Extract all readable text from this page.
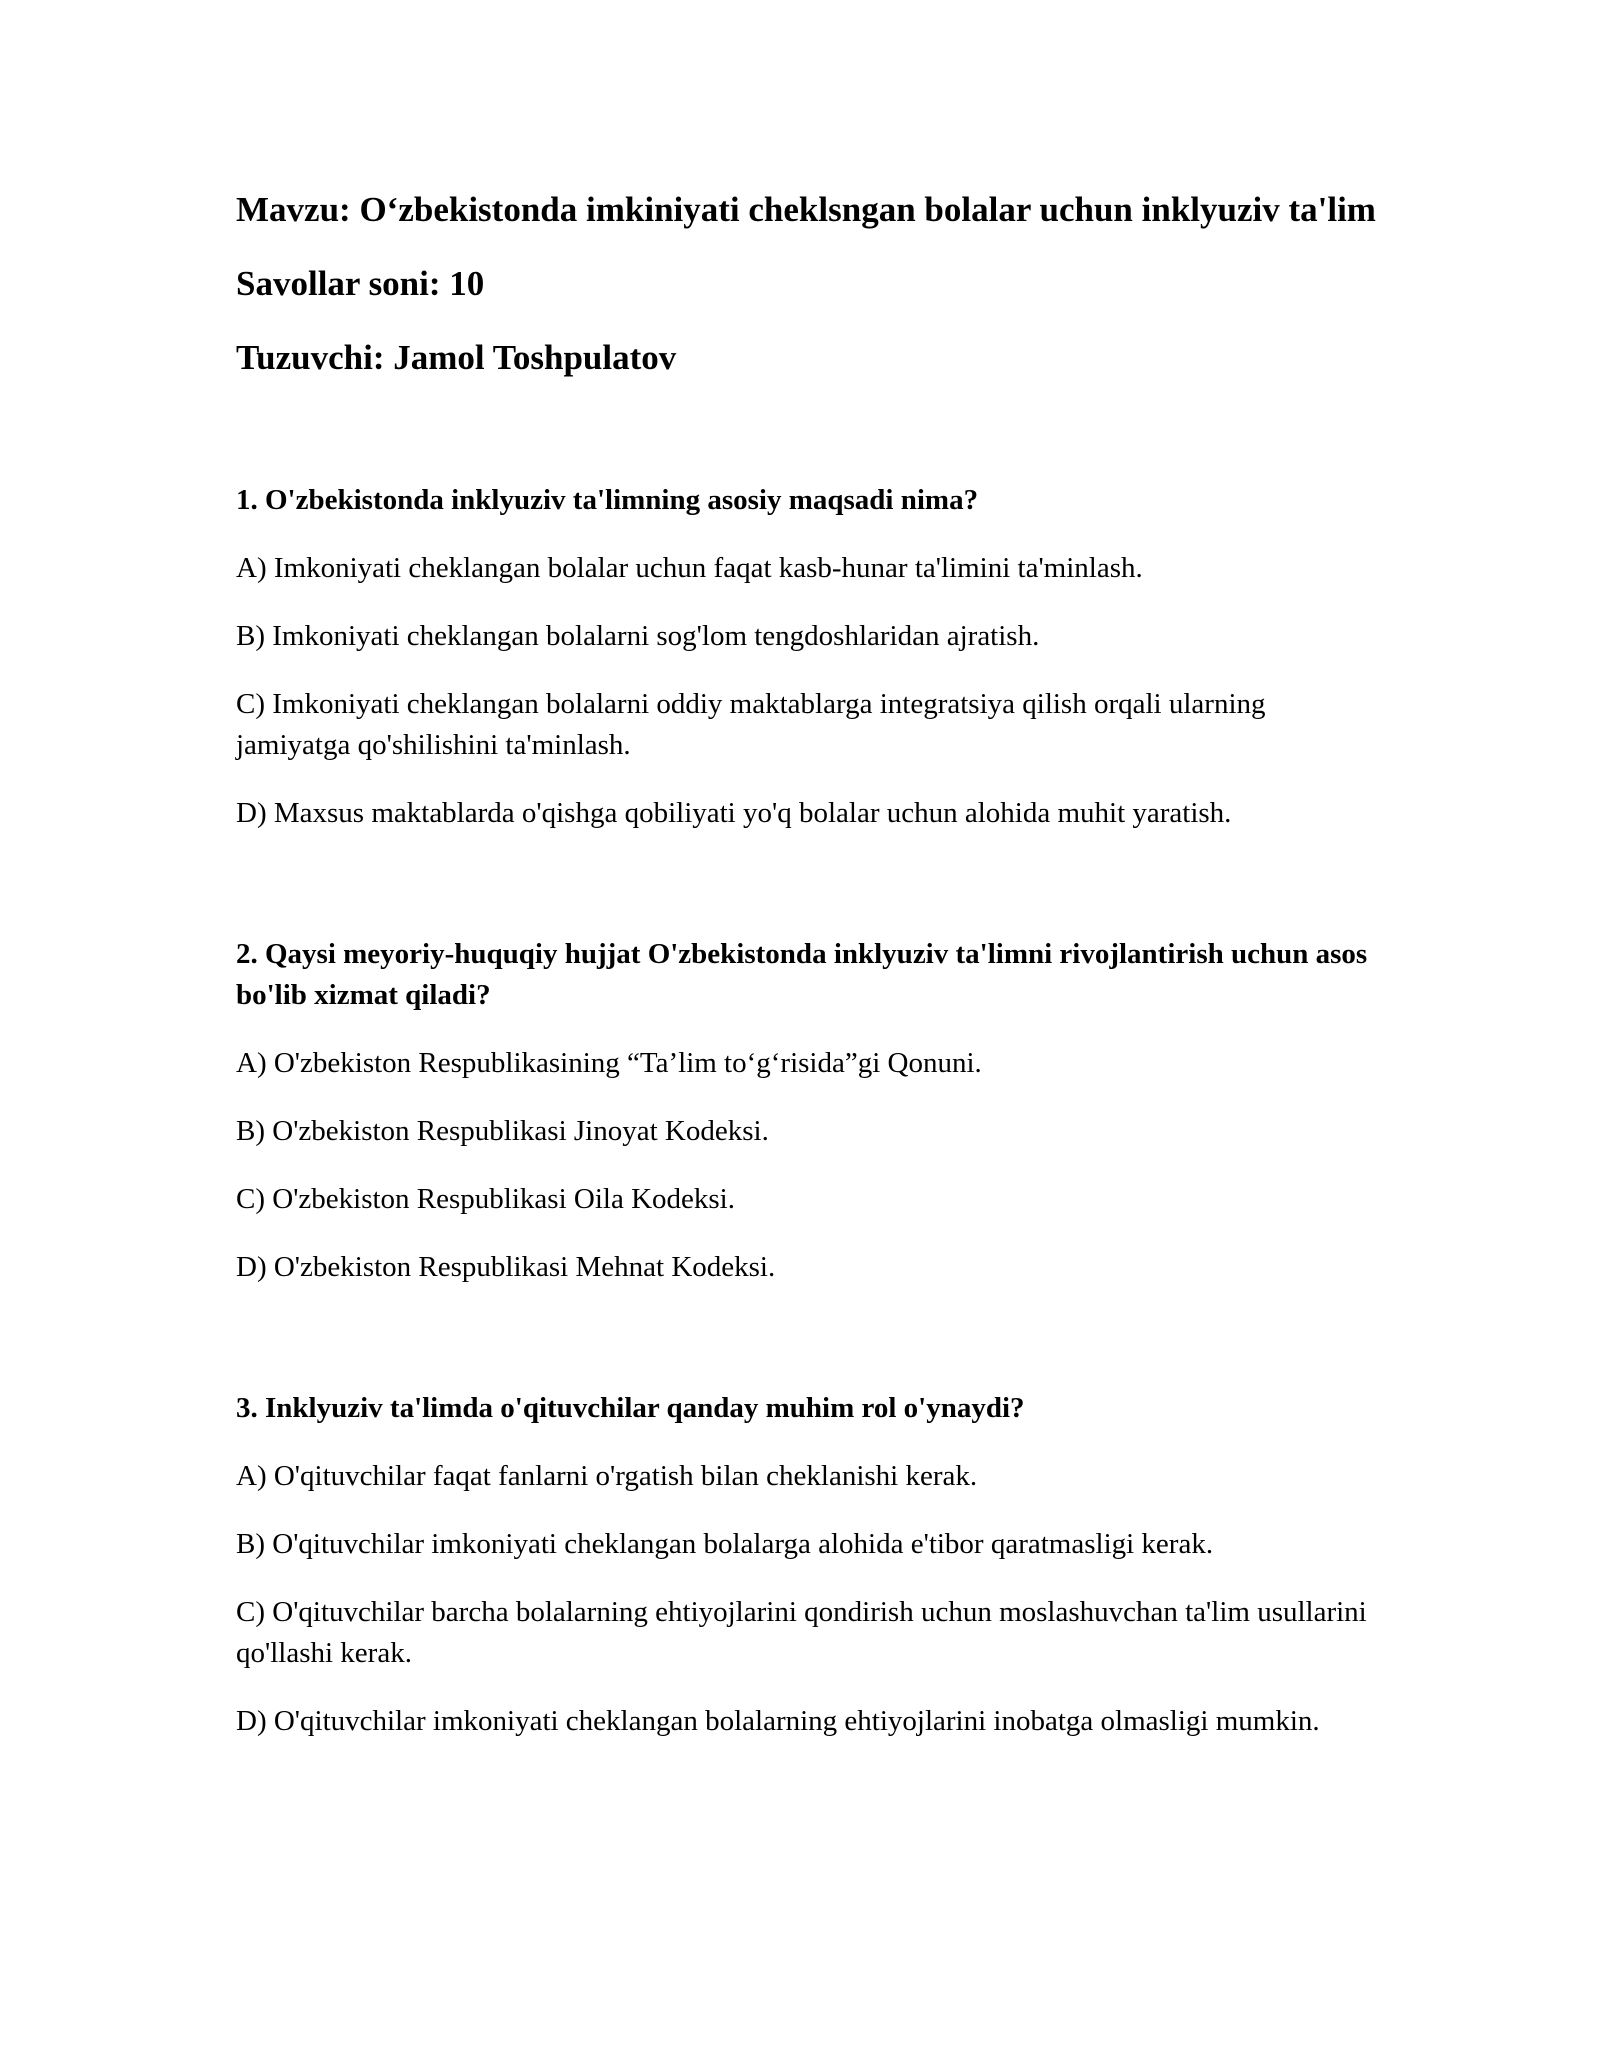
Mavzu: O‘zbekistonda imkiniyati cheklsngan bolalar uchun inklyuziv ta'lim

Savollar soni: 10

Tuzuvchi: Jamol Toshpulatov

1. O'zbekistonda inklyuziv ta'limning asosiy maqsadi nima?

A) Imkoniyati cheklangan bolalar uchun faqat kasb-hunar ta'limini ta'minlash.

B) Imkoniyati cheklangan bolalarni sog'lom tengdoshlaridan ajratish.

C) Imkoniyati cheklangan bolalarni oddiy maktablarga integratsiya qilish orqali ularning jamiyatga qo'shilishini ta'minlash.

D) Maxsus maktablarda o'qishga qobiliyati yo'q bolalar uchun alohida muhit yaratish.

2. Qaysi meyoriy-huquqiy hujjat O'zbekistonda inklyuziv ta'limni rivojlantirish uchun asos bo'lib xizmat qiladi?

A) O'zbekiston Respublikasining “Ta’lim to‘g‘risida”gi Qonuni.

B) O'zbekiston Respublikasi Jinoyat Kodeksi.

C) O'zbekiston Respublikasi Oila Kodeksi.

D) O'zbekiston Respublikasi Mehnat Kodeksi.

3. Inklyuziv ta'limda o'qituvchilar qanday muhim rol o'ynaydi?

A) O'qituvchilar faqat fanlarni o'rgatish bilan cheklanishi kerak.

B) O'qituvchilar imkoniyati cheklangan bolalarga alohida e'tibor qaratmasligi kerak.

C) O'qituvchilar barcha bolalarning ehtiyojlarini qondirish uchun moslashuvchan ta'lim usullarini qo'llashi kerak.

D) O'qituvchilar imkoniyati cheklangan bolalarning ehtiyojlarini inobatga olmasligi mumkin.
